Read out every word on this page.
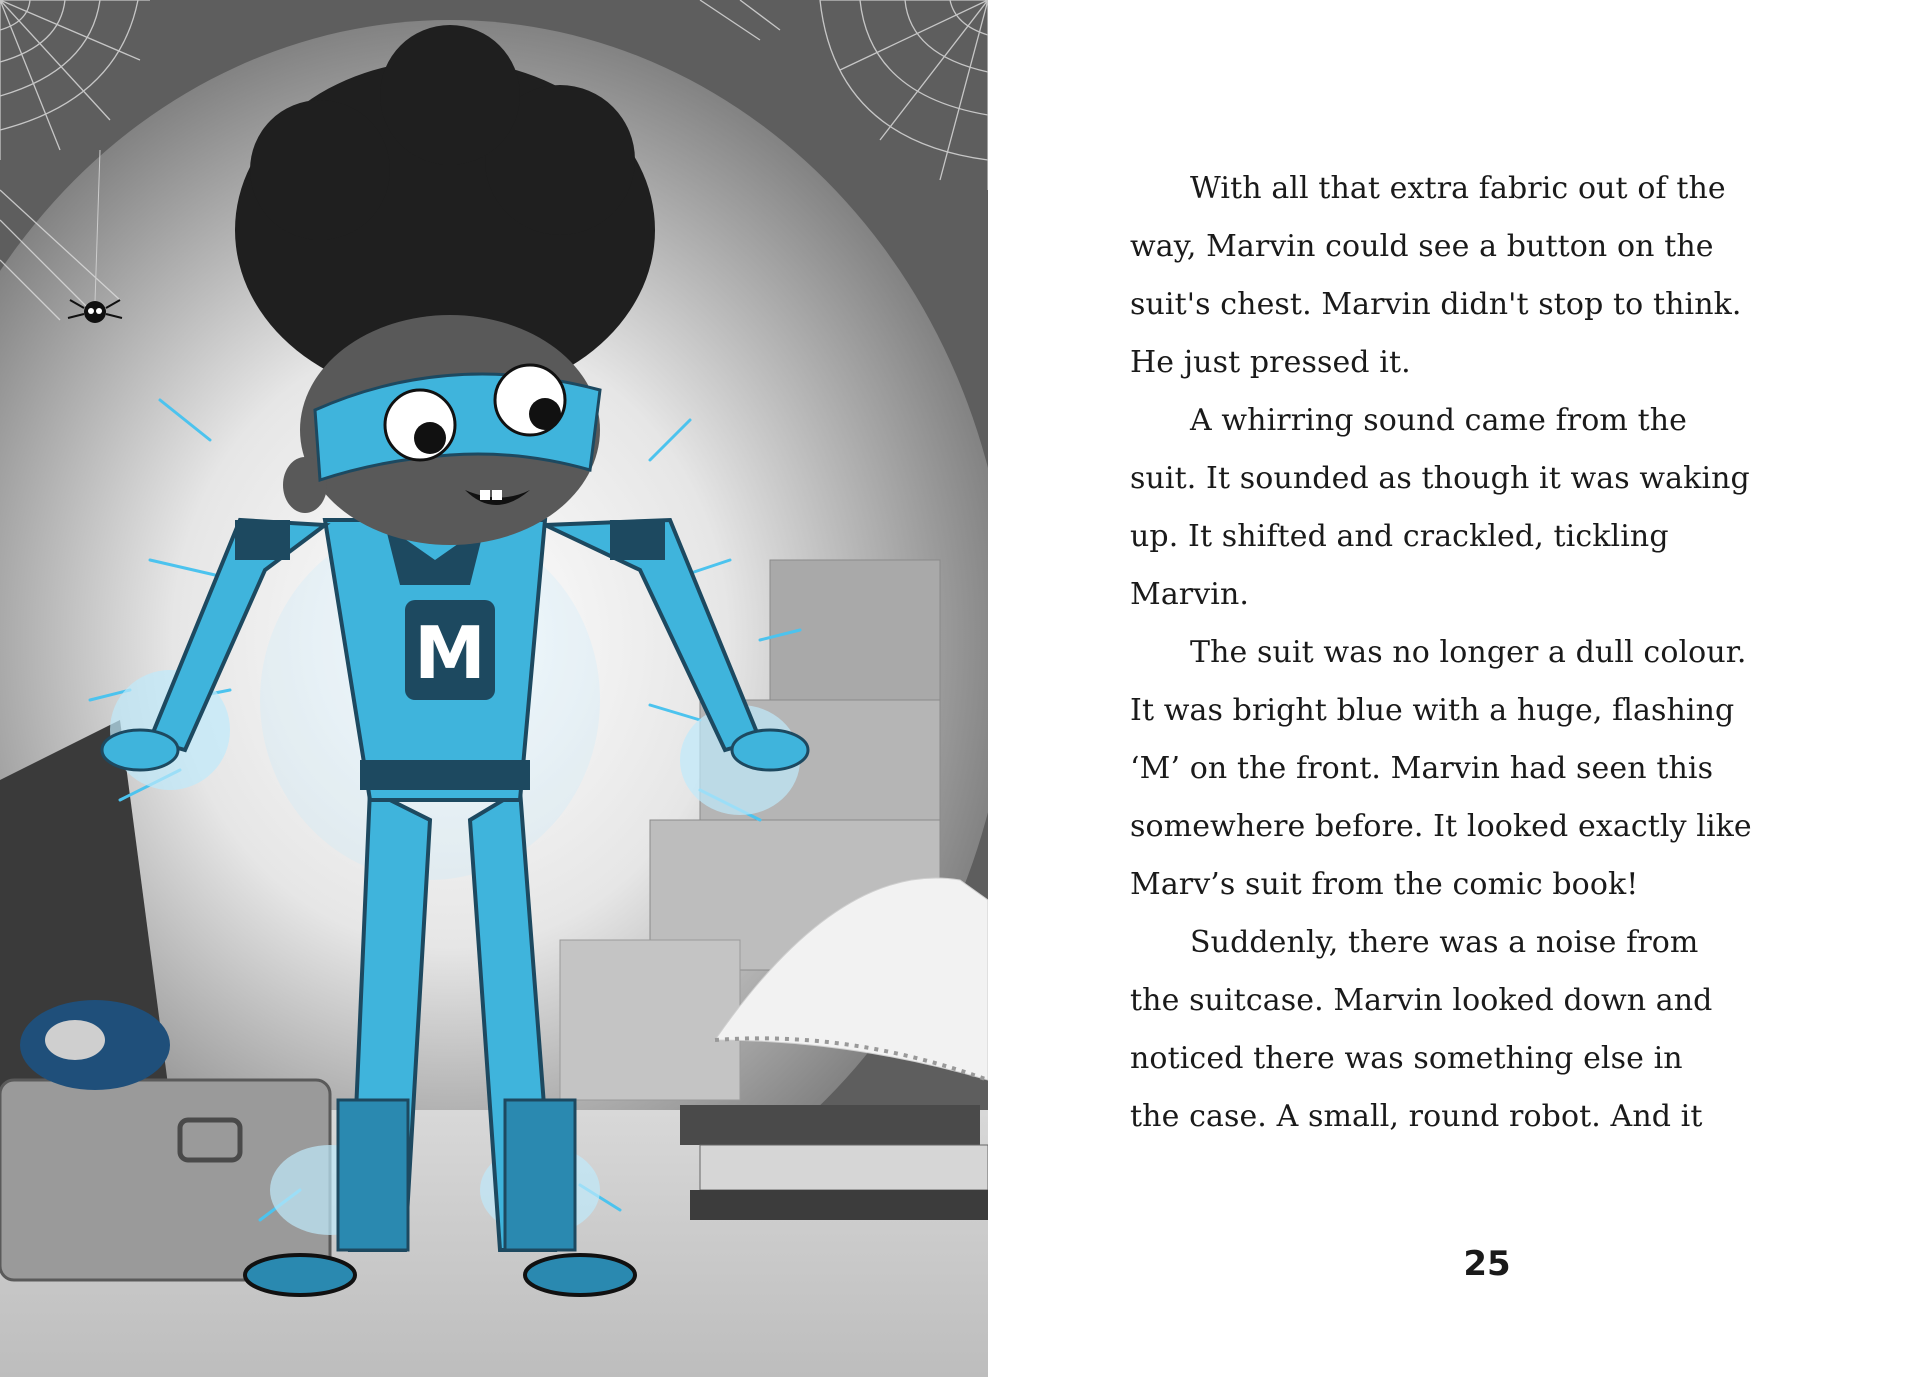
M
With all that extra fabric out of the
way, Marvin could see a button on the
suit's chest. Marvin didn't stop to think.
He just pressed it.
A whirring sound came from the
suit. It sounded as though it was waking
up. It shifted and crackled, tickling
Marvin.
The suit was no longer a dull colour.
It was bright blue with a huge, flashing
‘M’ on the front. Marvin had seen this
somewhere before. It looked exactly like
Marv’s suit from the comic book!
Suddenly, there was a noise from
the suitcase. Marvin looked down and
noticed there was something else in
the case. A small, round robot. And it
25
